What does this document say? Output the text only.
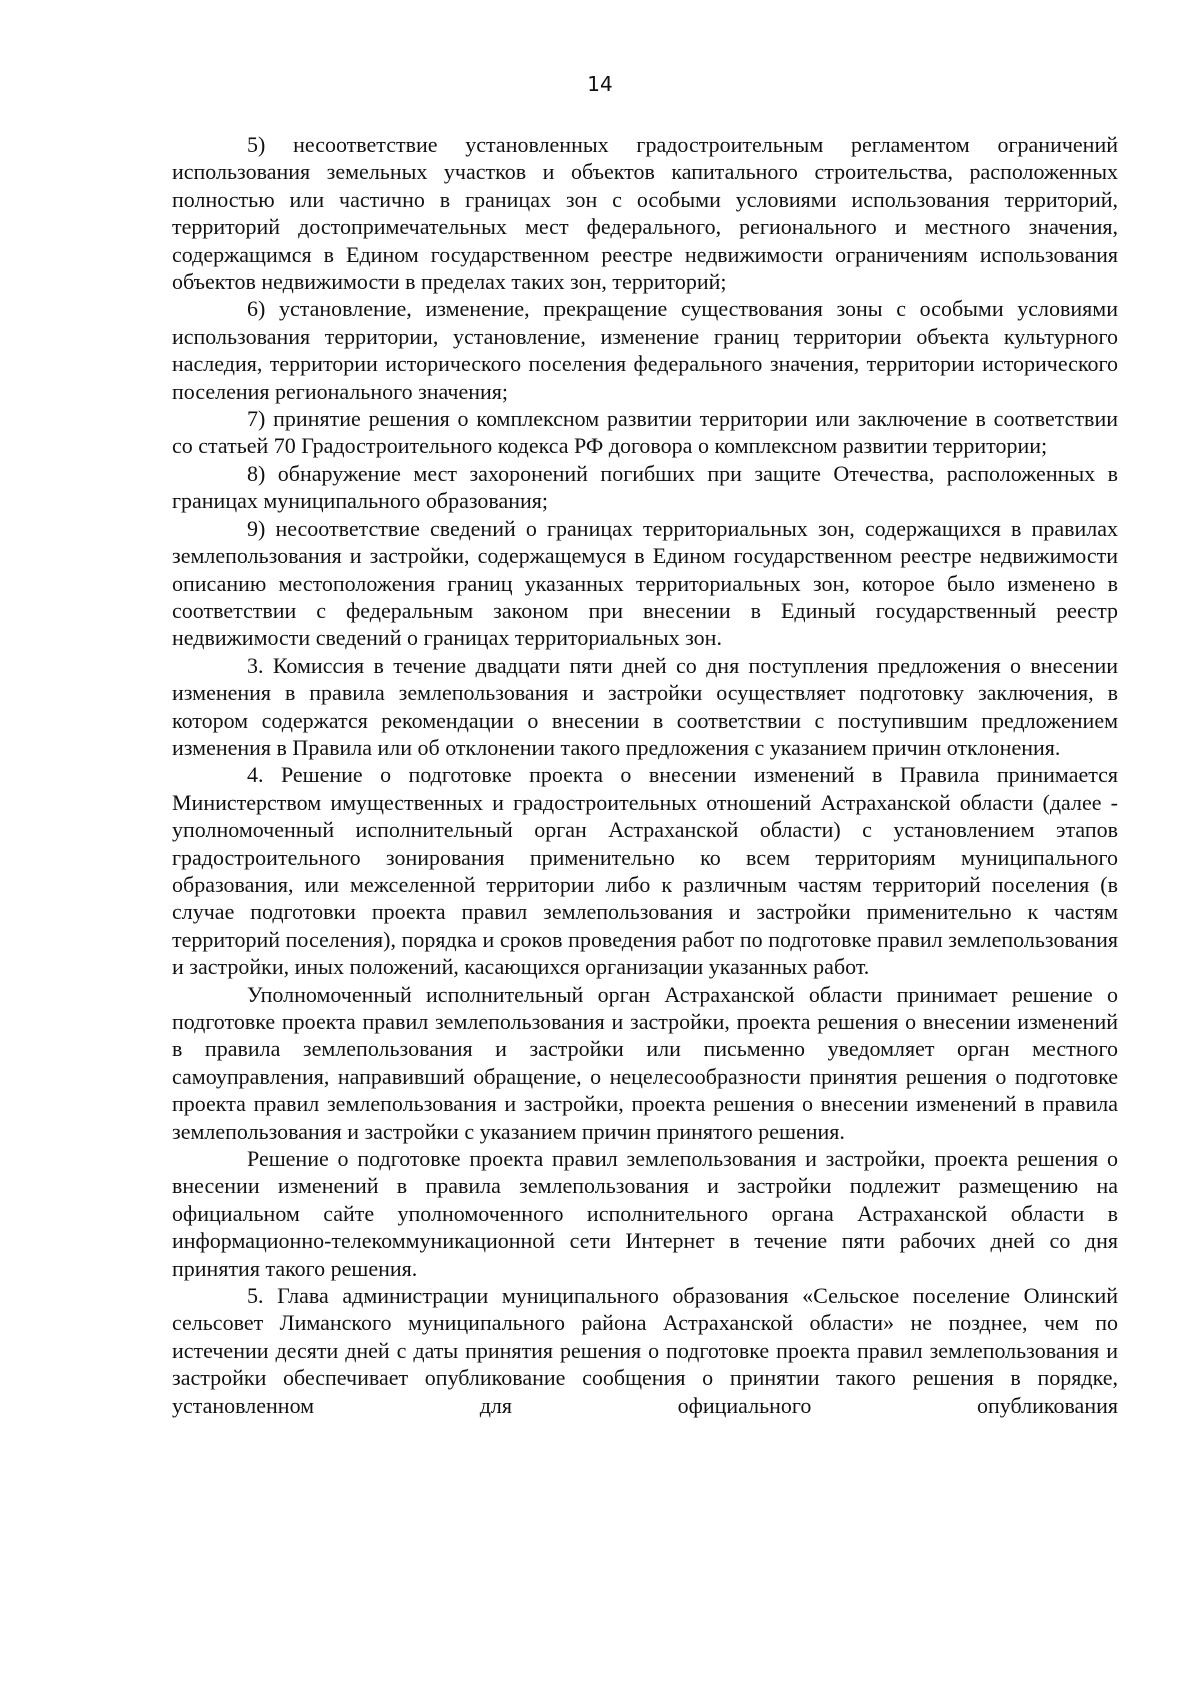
14

5) несоответствие установленных градостроительным регламентом ограничений использования земельных участков и объектов капитального строительства, расположенных полностью или частично в границах зон с особыми условиями использования территорий, территорий достопримечательных мест федерального, регионального и местного значения, содержащимся в Едином государственном реестре недвижимости ограничениям использования объектов недвижимости в пределах таких зон, территорий;

6) установление, изменение, прекращение существования зоны с особыми условиями использования территории, установление, изменение границ территории объекта культурного наследия, территории исторического поселения федерального значения, территории исторического поселения регионального значения;

7) принятие решения о комплексном развитии территории или заключение в соответствии со статьей 70 Градостроительного кодекса РФ договора о комплексном развитии территории;

8) обнаружение мест захоронений погибших при защите Отечества, расположенных в границах муниципального образования;

9) несоответствие сведений о границах территориальных зон, содержащихся в правилах землепользования и застройки, содержащемуся в Едином государственном реестре недвижимости описанию местоположения границ указанных территориальных зон, которое было изменено в соответствии с федеральным законом при внесении в Единый государственный реестр недвижимости сведений о границах территориальных зон.

3. Комиссия в течение двадцати пяти дней со дня поступления предложения о внесении изменения в правила землепользования и застройки осуществляет подготовку заключения, в котором содержатся рекомендации о внесении в соответствии с поступившим предложением изменения в Правила или об отклонении такого предложения с указанием причин отклонения.

4. Решение о подготовке проекта о внесении изменений в Правила принимается Министерством имущественных и градостроительных отношений Астраханской области (далее - уполномоченный исполнительный орган Астраханской области) с установлением этапов градостроительного зонирования применительно ко всем территориям муниципального образования, или межселенной территории либо к различным частям территорий поселения (в случае подготовки проекта правил землепользования и застройки применительно к частям территорий поселения), порядка и сроков проведения работ по подготовке правил землепользования и застройки, иных положений, касающихся организации указанных работ.

Уполномоченный исполнительный орган Астраханской области принимает решение о подготовке проекта правил землепользования и застройки, проекта решения о внесении изменений в правила землепользования и застройки или письменно уведомляет орган местного самоуправления, направивший обращение, о нецелесообразности принятия решения о подготовке проекта правил землепользования и застройки, проекта решения о внесении изменений в правила землепользования и застройки с указанием причин принятого решения.

Решение о подготовке проекта правил землепользования и застройки, проекта решения о внесении изменений в правила землепользования и застройки подлежит размещению на официальном сайте уполномоченного исполнительного органа Астраханской области в информационно-телекоммуникационной сети Интернет в течение пяти рабочих дней со дня принятия такого решения.

5. Глава администрации муниципального образования «Сельское поселение Олинский сельсовет Лиманского муниципального района Астраханской области» не позднее, чем по истечении десяти дней с даты принятия решения о подготовке проекта правил землепользования и застройки обеспечивает опубликование сообщения о принятии такого решения в порядке, установленном для официального опубликования
